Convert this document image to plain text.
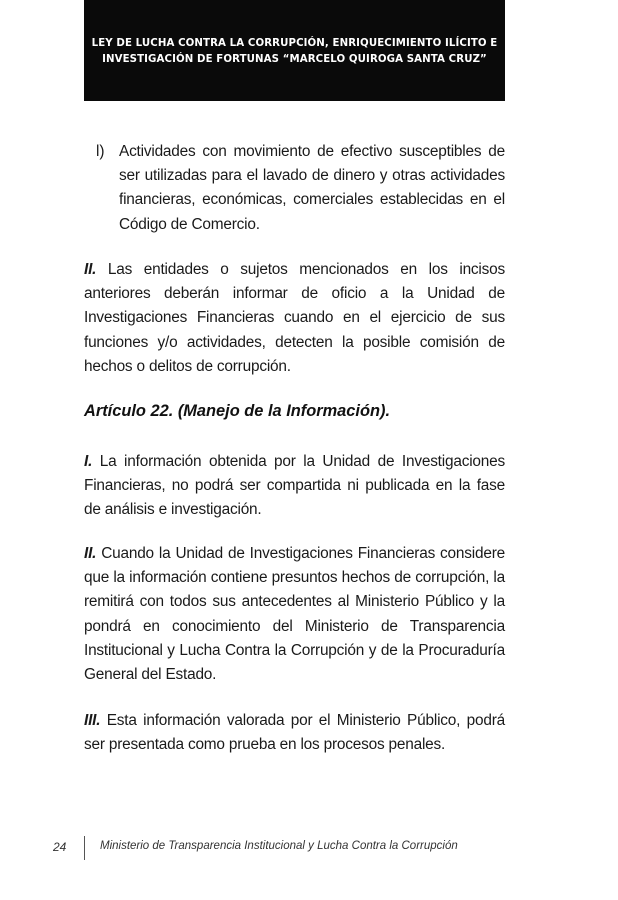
LEY DE LUCHA CONTRA LA CORRUPCIÓN, ENRIQUECIMIENTO ILÍCITO E
INVESTIGACIÓN DE FORTUNAS “MARCELO QUIROGA SANTA CRUZ”
l) Actividades con movimiento de efectivo susceptibles de ser utilizadas para el lavado de dinero y otras actividades financieras, económicas, comerciales establecidas en el Código de Comercio.
II. Las entidades o sujetos mencionados en los incisos anteriores deberán informar de oficio a la Unidad de Investigaciones Financieras cuando en el ejercicio de sus funciones y/o actividades, detecten la posible comisión de hechos o delitos de corrupción.
Artículo 22. (Manejo de la Información).
I. La información obtenida por la Unidad de Investigaciones Financieras, no podrá ser compartida ni publicada en la fase de análisis e investigación.
II. Cuando la Unidad de Investigaciones Financieras considere que la información contiene presuntos hechos de corrupción, la remitirá con todos sus antecedentes al Ministerio Público y la pondrá en conocimiento del Ministerio de Transparencia Institucional y Lucha Contra la Corrupción y de la Procuraduría General del Estado.
III. Esta información valorada por el Ministerio Público, podrá ser presentada como prueba en los procesos penales.
24	Ministerio de Transparencia Institucional y Lucha Contra la Corrupción
